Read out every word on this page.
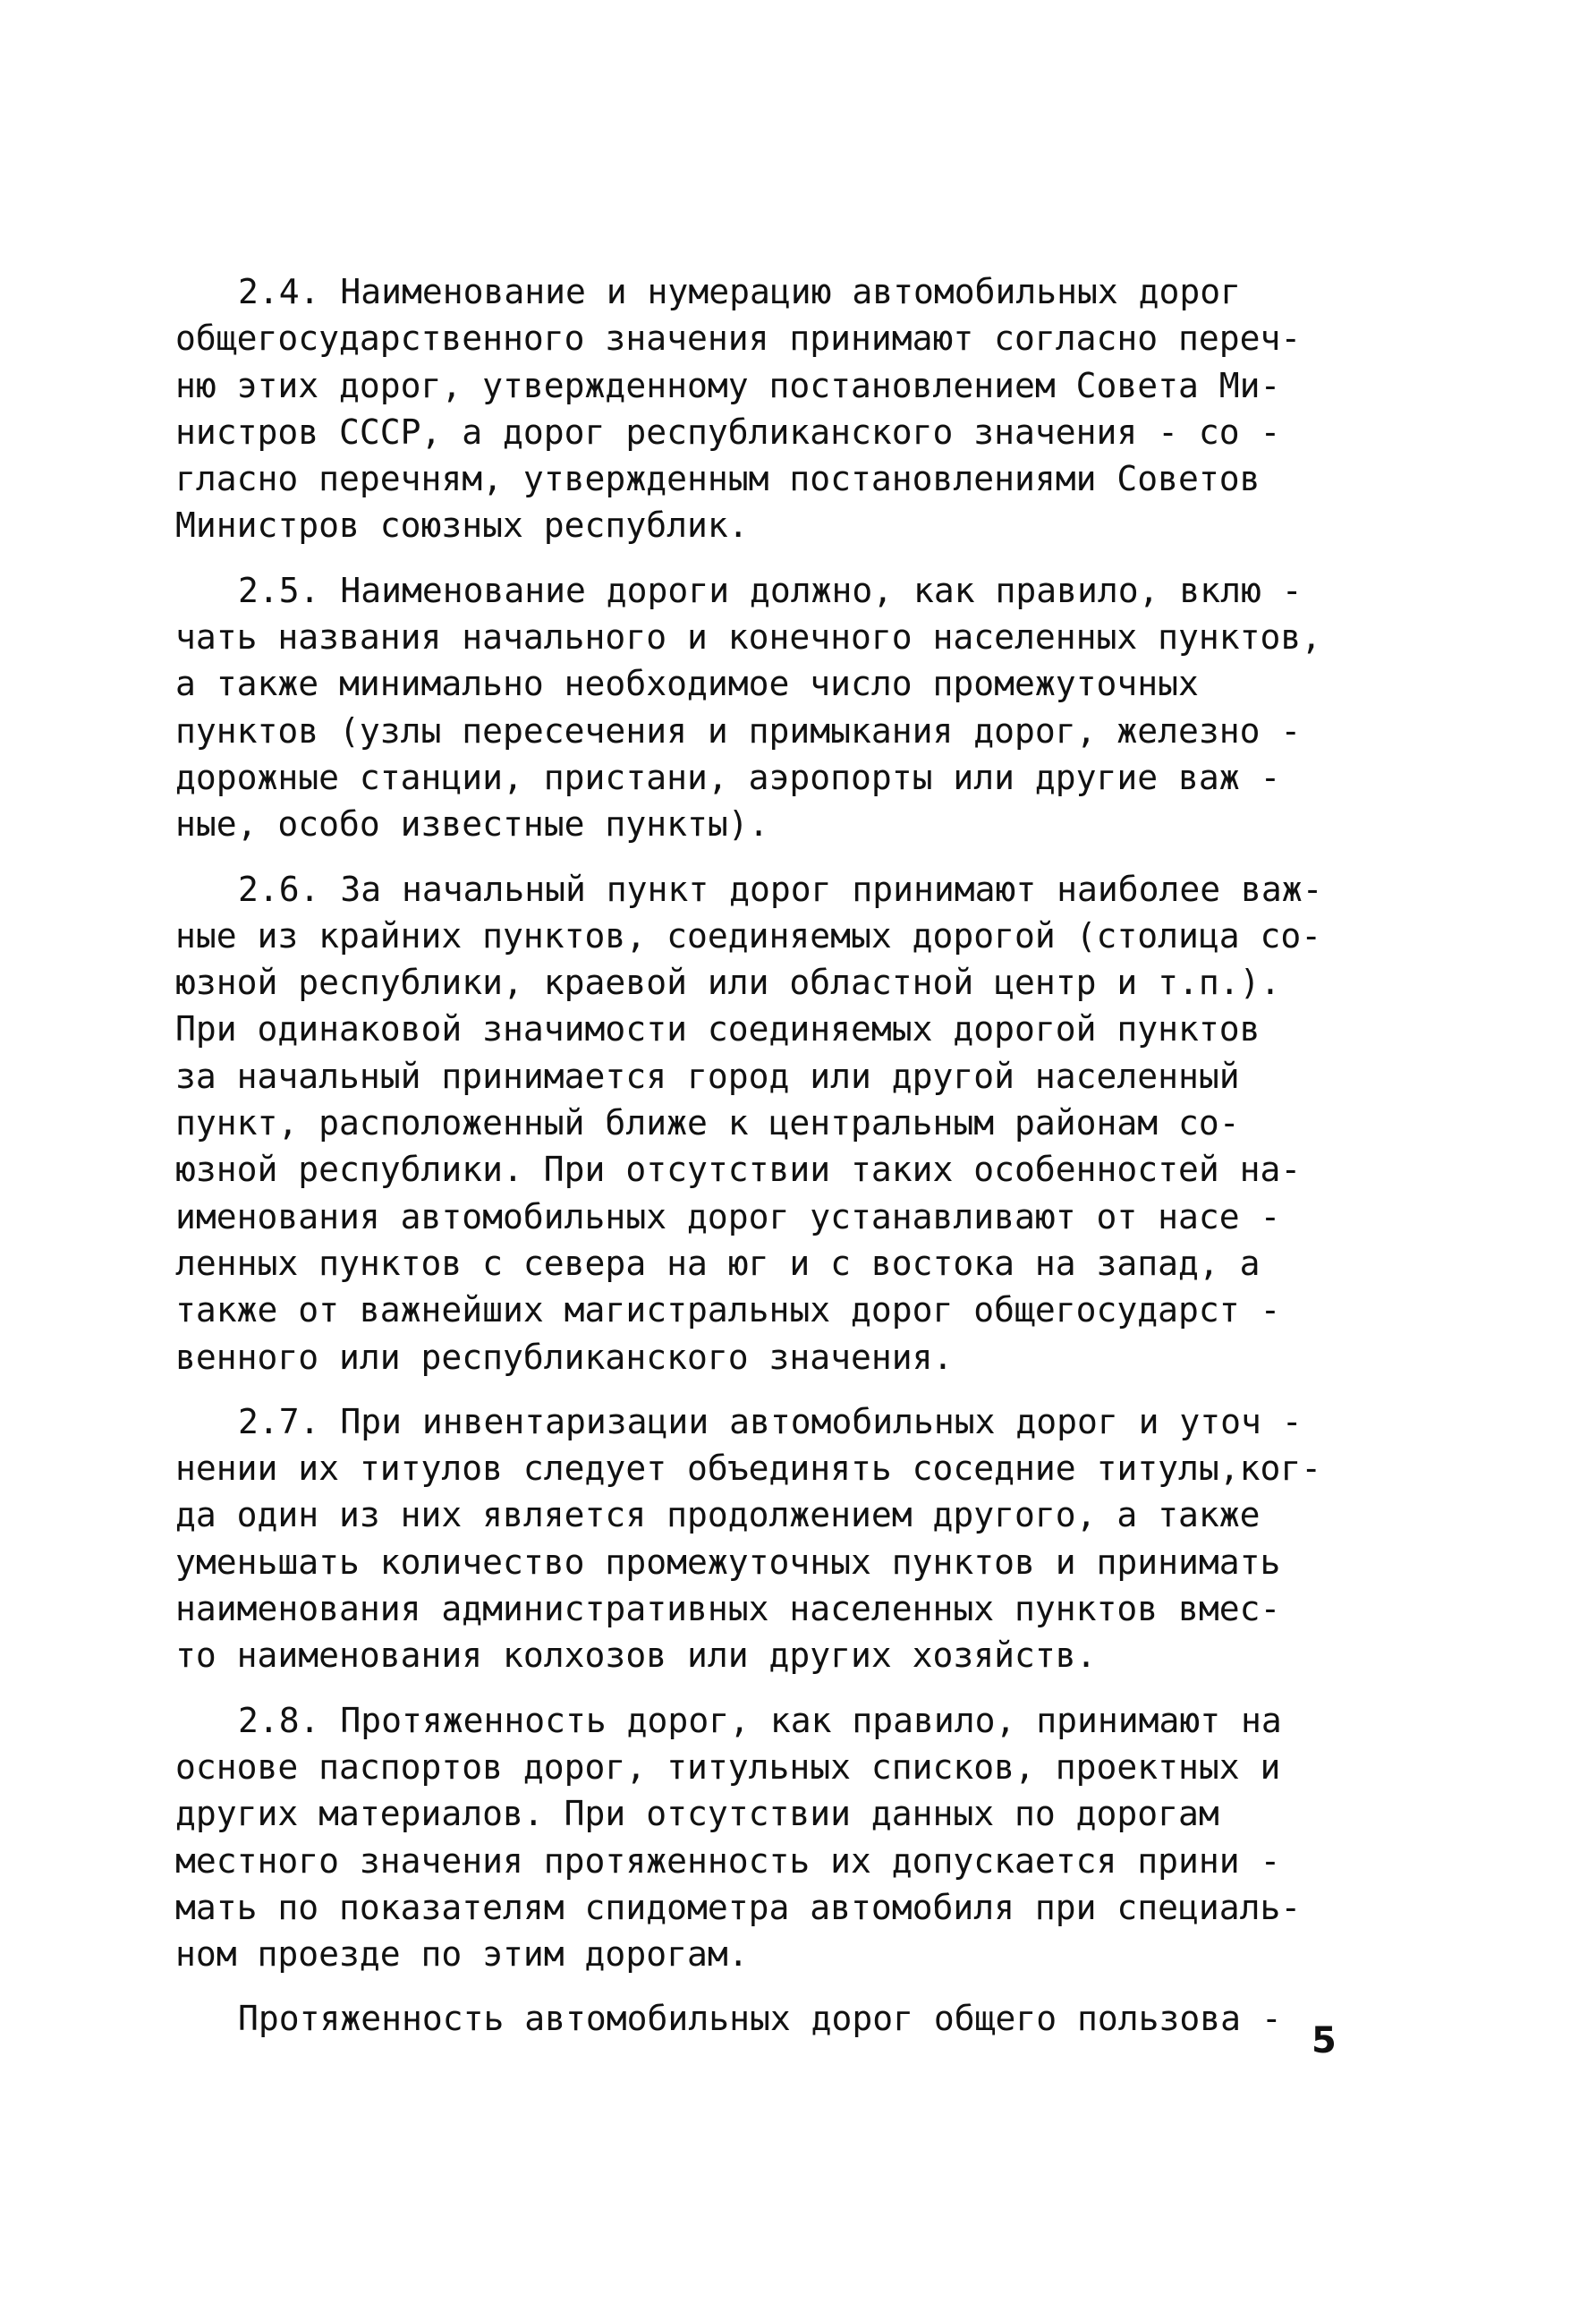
2.4. Наименование и нумерацию автомобильных дорог
общегосударственного значения принимают согласно переч-
ню этих дорог, утвержденному постановлением Совета Ми-
нистров СССР, а дорог республиканского значения - со -
гласно перечням, утвержденным постановлениями Советов
Министров союзных республик.
2.5. Наименование дороги должно, как правило, вклю -
чать названия начального и конечного населенных пунктов,
а также минимально необходимое число промежуточных
пунктов (узлы пересечения и примыкания дорог, железно -
дорожные станции, пристани, аэропорты или другие важ -
ные, особо известные пункты).
2.6. За начальный пункт дорог принимают наиболее важ-
ные из крайних пунктов, соединяемых дорогой (столица со-
юзной республики, краевой или областной центр и т.п.).
При одинаковой значимости соединяемых дорогой пунктов
за начальный принимается город или другой населенный
пункт, расположенный ближе к центральным районам со-
юзной республики. При отсутствии таких особенностей на-
именования автомобильных дорог устанавливают от насе -
ленных пунктов с севера на юг и с востока на запад, а
также от важнейших магистральных дорог общегосударст -
венного или республиканского значения.
2.7. При инвентаризации автомобильных дорог и уточ -
нении их титулов следует объединять соседние титулы,ког-
да один из них является продолжением другого, а также
уменьшать количество промежуточных пунктов и принимать
наименования административных населенных пунктов вмес-
то наименования колхозов или других хозяйств.
2.8. Протяженность дорог, как правило, принимают на
основе паспортов дорог, титульных списков, проектных и
других материалов. При отсутствии данных по дорогам
местного значения протяженность их допускается прини -
мать по показателям спидометра автомобиля при специаль-
ном проезде по этим дорогам.
Протяженность автомобильных дорог общего пользова -
5
